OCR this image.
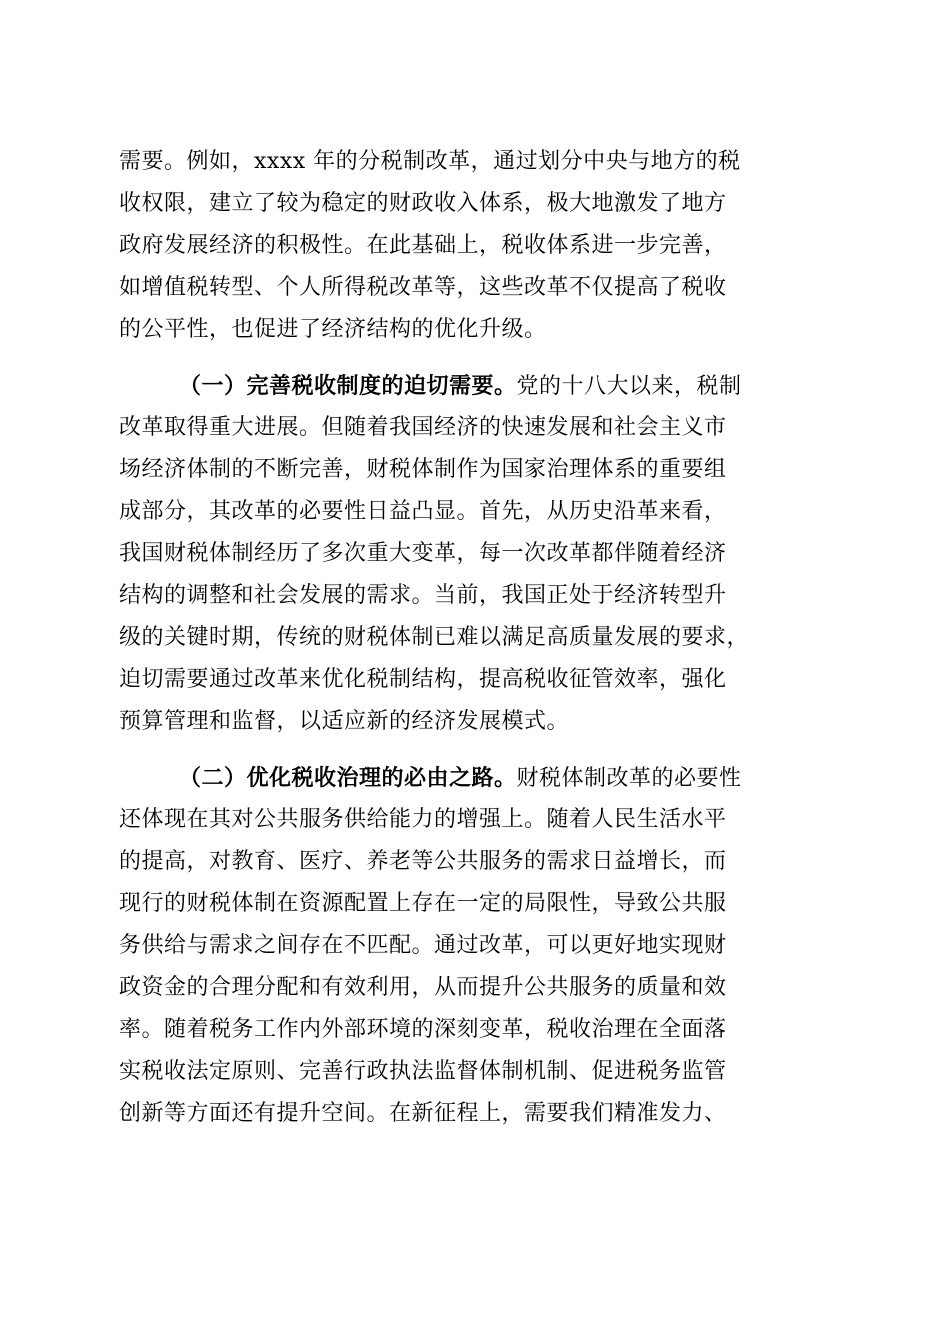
需要。例如，xxxx 年的分税制改革，通过划分中央与地方的税
收权限，建立了较为稳定的财政收入体系，极大地激发了地方
政府发展经济的积极性。在此基础上，税收体系进一步完善，
如增值税转型、个人所得税改革等，这些改革不仅提高了税收
的公平性，也促进了经济结构的优化升级。
（一）完善税收制度的迫切需要。党的十八大以来，税制
改革取得重大进展。但随着我国经济的快速发展和社会主义市
场经济体制的不断完善，财税体制作为国家治理体系的重要组
成部分，其改革的必要性日益凸显。首先，从历史沿革来看，
我国财税体制经历了多次重大变革，每一次改革都伴随着经济
结构的调整和社会发展的需求。当前，我国正处于经济转型升
级的关键时期，传统的财税体制已难以满足高质量发展的要求，
迫切需要通过改革来优化税制结构，提高税收征管效率，强化
预算管理和监督，以适应新的经济发展模式。
（二）优化税收治理的必由之路。财税体制改革的必要性
还体现在其对公共服务供给能力的增强上。随着人民生活水平
的提高，对教育、医疗、养老等公共服务的需求日益增长，而
现行的财税体制在资源配置上存在一定的局限性，导致公共服
务供给与需求之间存在不匹配。通过改革，可以更好地实现财
政资金的合理分配和有效利用，从而提升公共服务的质量和效
率。随着税务工作内外部环境的深刻变革，税收治理在全面落
实税收法定原则、完善行政执法监督体制机制、促进税务监管
创新等方面还有提升空间。在新征程上，需要我们精准发力、
